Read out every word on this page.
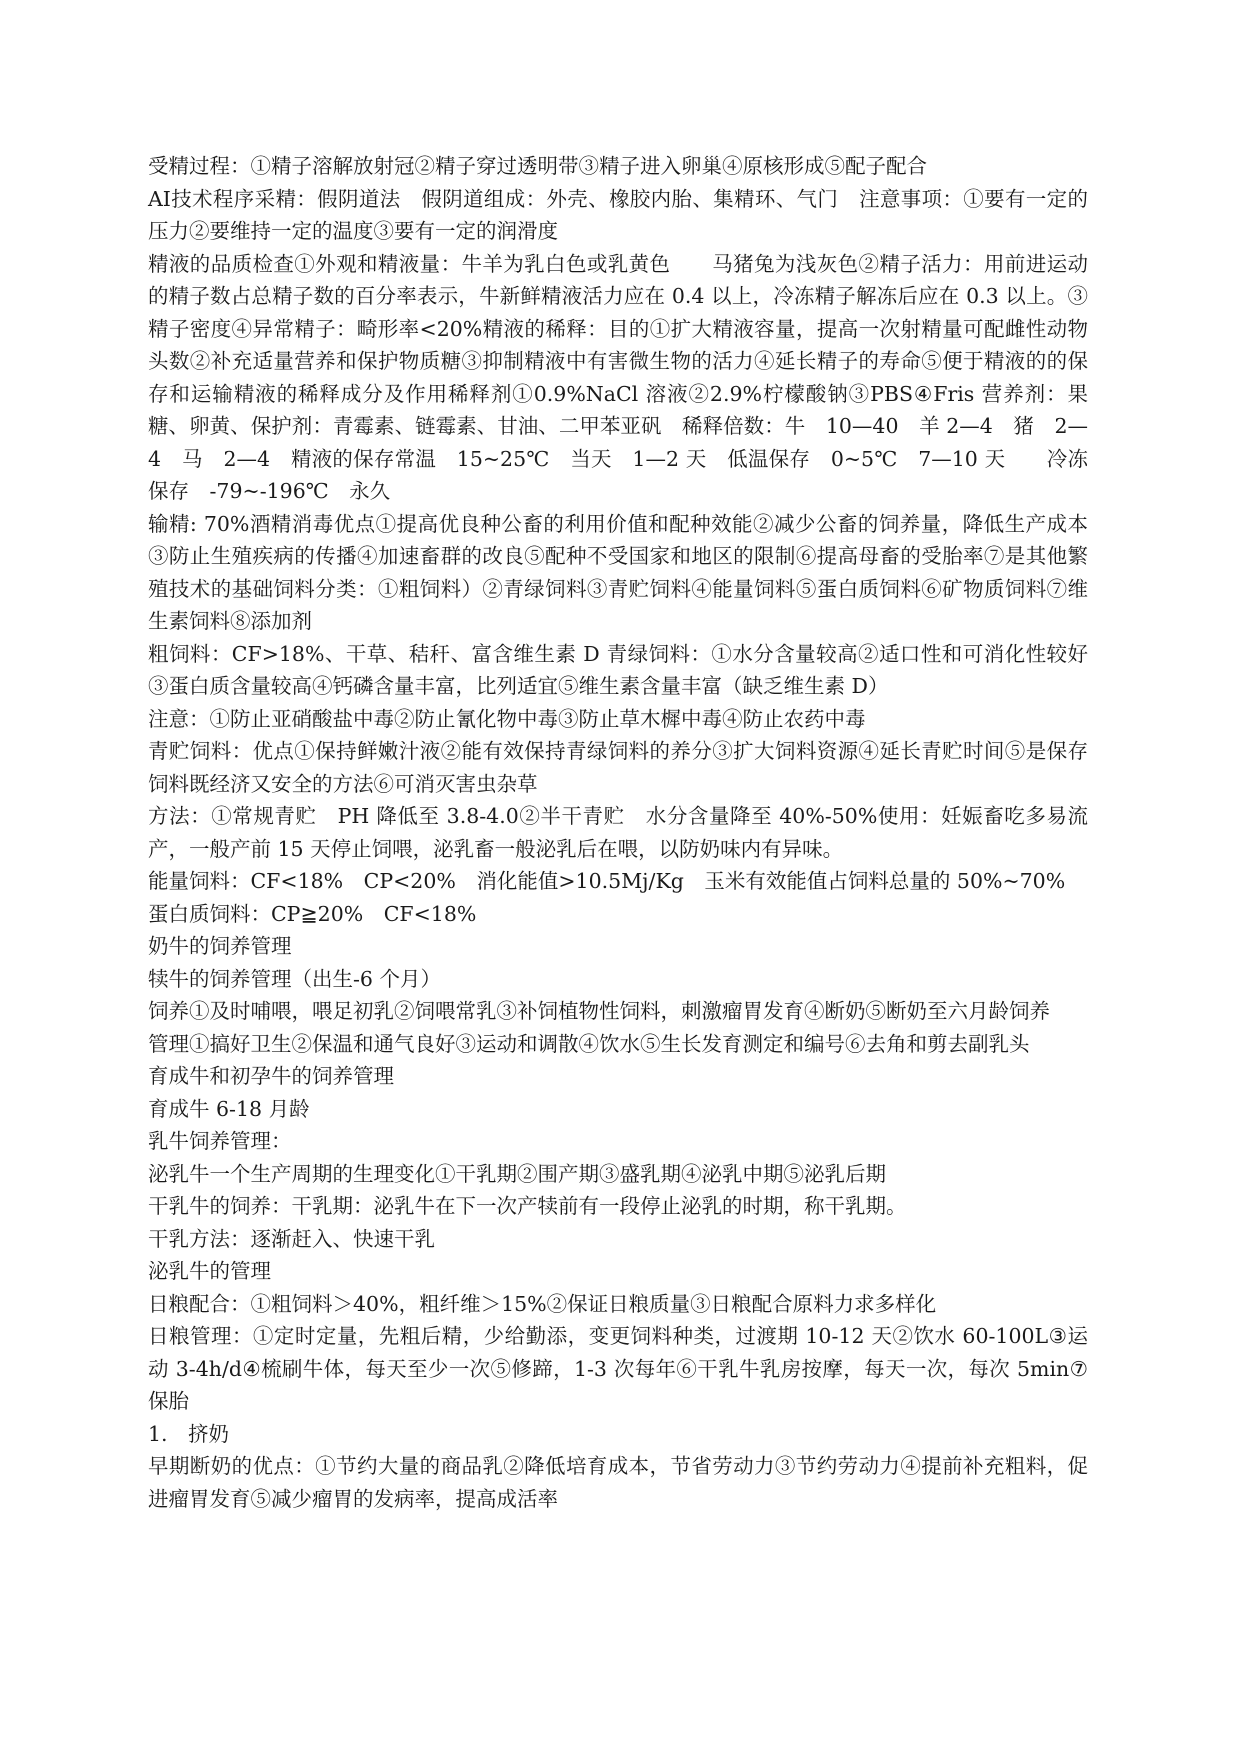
受精过程：①精子溶解放射冠②精子穿过透明带③精子进入卵巢④原核形成⑤配子配合

AI技术程序采精：假阴道法　假阴道组成：外壳、橡胶内胎、集精环、气门　注意事项：①要有一定的压力②要维持一定的温度③要有一定的润滑度

精液的品质检查①外观和精液量：牛羊为乳白色或乳黄色　　马猪兔为浅灰色②精子活力：用前进运动的精子数占总精子数的百分率表示，牛新鲜精液活力应在 0.4 以上，冷冻精子解冻后应在 0.3 以上。③精子密度④异常精子：畸形率<20%精液的稀释：目的①扩大精液容量，提高一次射精量可配雌性动物头数②补充适量营养和保护物质糖③抑制精液中有害微生物的活力④延长精子的寿命⑤便于精液的的保存和运输精液的稀释成分及作用稀释剂①0.9%NaCl 溶液②2.9%柠檬酸钠③PBS④Fris 营养剂：果糖、卵黄、保护剂：青霉素、链霉素、甘油、二甲苯亚矾　稀释倍数：牛　10—40　羊 2—4　猪　2—4　马　2—4　精液的保存常温　15~25℃　当天　1—2 天　低温保存　0~5℃　7—10 天　　冷冻保存　-79~-196℃　永久

输精: 70%酒精消毒优点①提高优良种公畜的利用价值和配种效能②减少公畜的饲养量，降低生产成本③防止生殖疾病的传播④加速畜群的改良⑤配种不受国家和地区的限制⑥提高母畜的受胎率⑦是其他繁殖技术的基础饲料分类：①粗饲料）②青绿饲料③青贮饲料④能量饲料⑤蛋白质饲料⑥矿物质饲料⑦维生素饲料⑧添加剂

粗饲料：CF>18%、干草、秸秆、富含维生素 D 青绿饲料：①水分含量较高②适口性和可消化性较好③蛋白质含量较高④钙磷含量丰富，比列适宜⑤维生素含量丰富（缺乏维生素 D）

注意：①防止亚硝酸盐中毒②防止氰化物中毒③防止草木樨中毒④防止农药中毒

青贮饲料：优点①保持鲜嫩汁液②能有效保持青绿饲料的养分③扩大饲料资源④延长青贮时间⑤是保存饲料既经济又安全的方法⑥可消灭害虫杂草

方法：①常规青贮　PH 降低至 3.8-4.0②半干青贮　水分含量降至 40%-50%使用：妊娠畜吃多易流产，一般产前 15 天停止饲喂，泌乳畜一般泌乳后在喂，以防奶味内有异味。

能量饲料：CF<18%　CP<20%　消化能值>10.5Mj/Kg　玉米有效能值占饲料总量的 50%~70%

蛋白质饲料：CP≧20%　CF<18%

奶牛的饲养管理

犊牛的饲养管理（出生-6 个月）

饲养①及时哺喂，喂足初乳②饲喂常乳③补饲植物性饲料，刺激瘤胃发育④断奶⑤断奶至六月龄饲养

管理①搞好卫生②保温和通气良好③运动和调散④饮水⑤生长发育测定和编号⑥去角和剪去副乳头

育成牛和初孕牛的饲养管理

育成牛 6-18 月龄

乳牛饲养管理：

泌乳牛一个生产周期的生理变化①干乳期②围产期③盛乳期④泌乳中期⑤泌乳后期

干乳牛的饲养：干乳期：泌乳牛在下一次产犊前有一段停止泌乳的时期，称干乳期。

干乳方法：逐渐赶入、快速干乳

泌乳牛的管理

日粮配合：①粗饲料＞40%，粗纤维＞15%②保证日粮质量③日粮配合原料力求多样化

日粮管理：①定时定量，先粗后精，少给勤添，变更饲料种类，过渡期 10-12 天②饮水 60-100L③运动 3-4h/d④梳刷牛体，每天至少一次⑤修蹄，1-3 次每年⑥干乳牛乳房按摩，每天一次，每次 5min⑦保胎

1.　挤奶

早期断奶的优点：①节约大量的商品乳②降低培育成本，节省劳动力③节约劳动力④提前补充粗料，促进瘤胃发育⑤减少瘤胃的发病率，提高成活率
